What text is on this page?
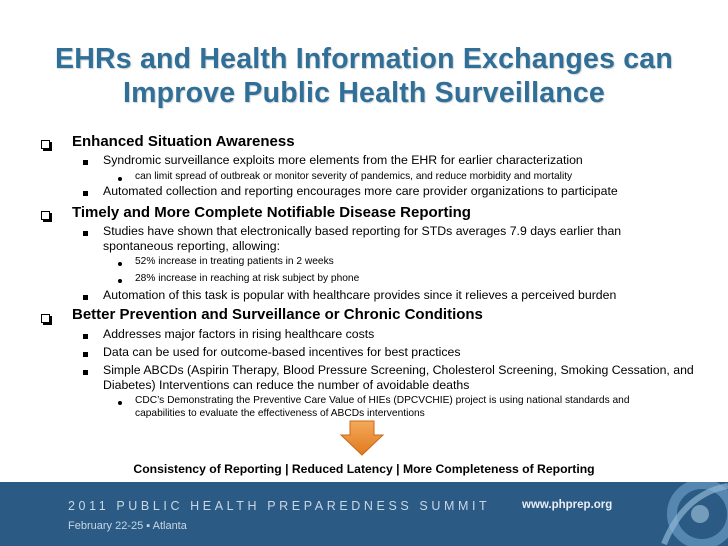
EHRs and Health Information Exchanges can
Improve Public Health Surveillance
Enhanced Situation Awareness
Syndromic surveillance exploits more elements from the EHR for earlier characterization
can limit spread of outbreak or monitor severity of pandemics, and reduce morbidity and mortality
Automated collection and reporting encourages more care provider organizations to participate
Timely and More Complete Notifiable Disease Reporting
Studies have shown that electronically based reporting for STDs averages 7.9 days earlier than
spontaneous reporting, allowing:
52% increase in treating patients in 2 weeks
28% increase in reaching at risk subject by phone
Automation of this task is popular with healthcare provides since it relieves a perceived burden
Better Prevention and Surveillance or Chronic Conditions
Addresses major factors in rising healthcare costs
Data can be used for outcome-based incentives for best practices
Simple ABCDs (Aspirin Therapy, Blood Pressure Screening, Cholesterol Screening, Smoking Cessation, and
Diabetes) Interventions can reduce the number of avoidable deaths
CDC’s Demonstrating the Preventive Care Value of HIEs (DPCVCHIE) project is using national standards and
capabilities to evaluate the effectiveness of ABCDs interventions
Consistency of Reporting | Reduced Latency | More Completeness of Reporting
2011 PUBLIC HEALTH PREPAREDNESS SUMMIT
February 22-25 ▪ Atlanta
www.phprep.org
